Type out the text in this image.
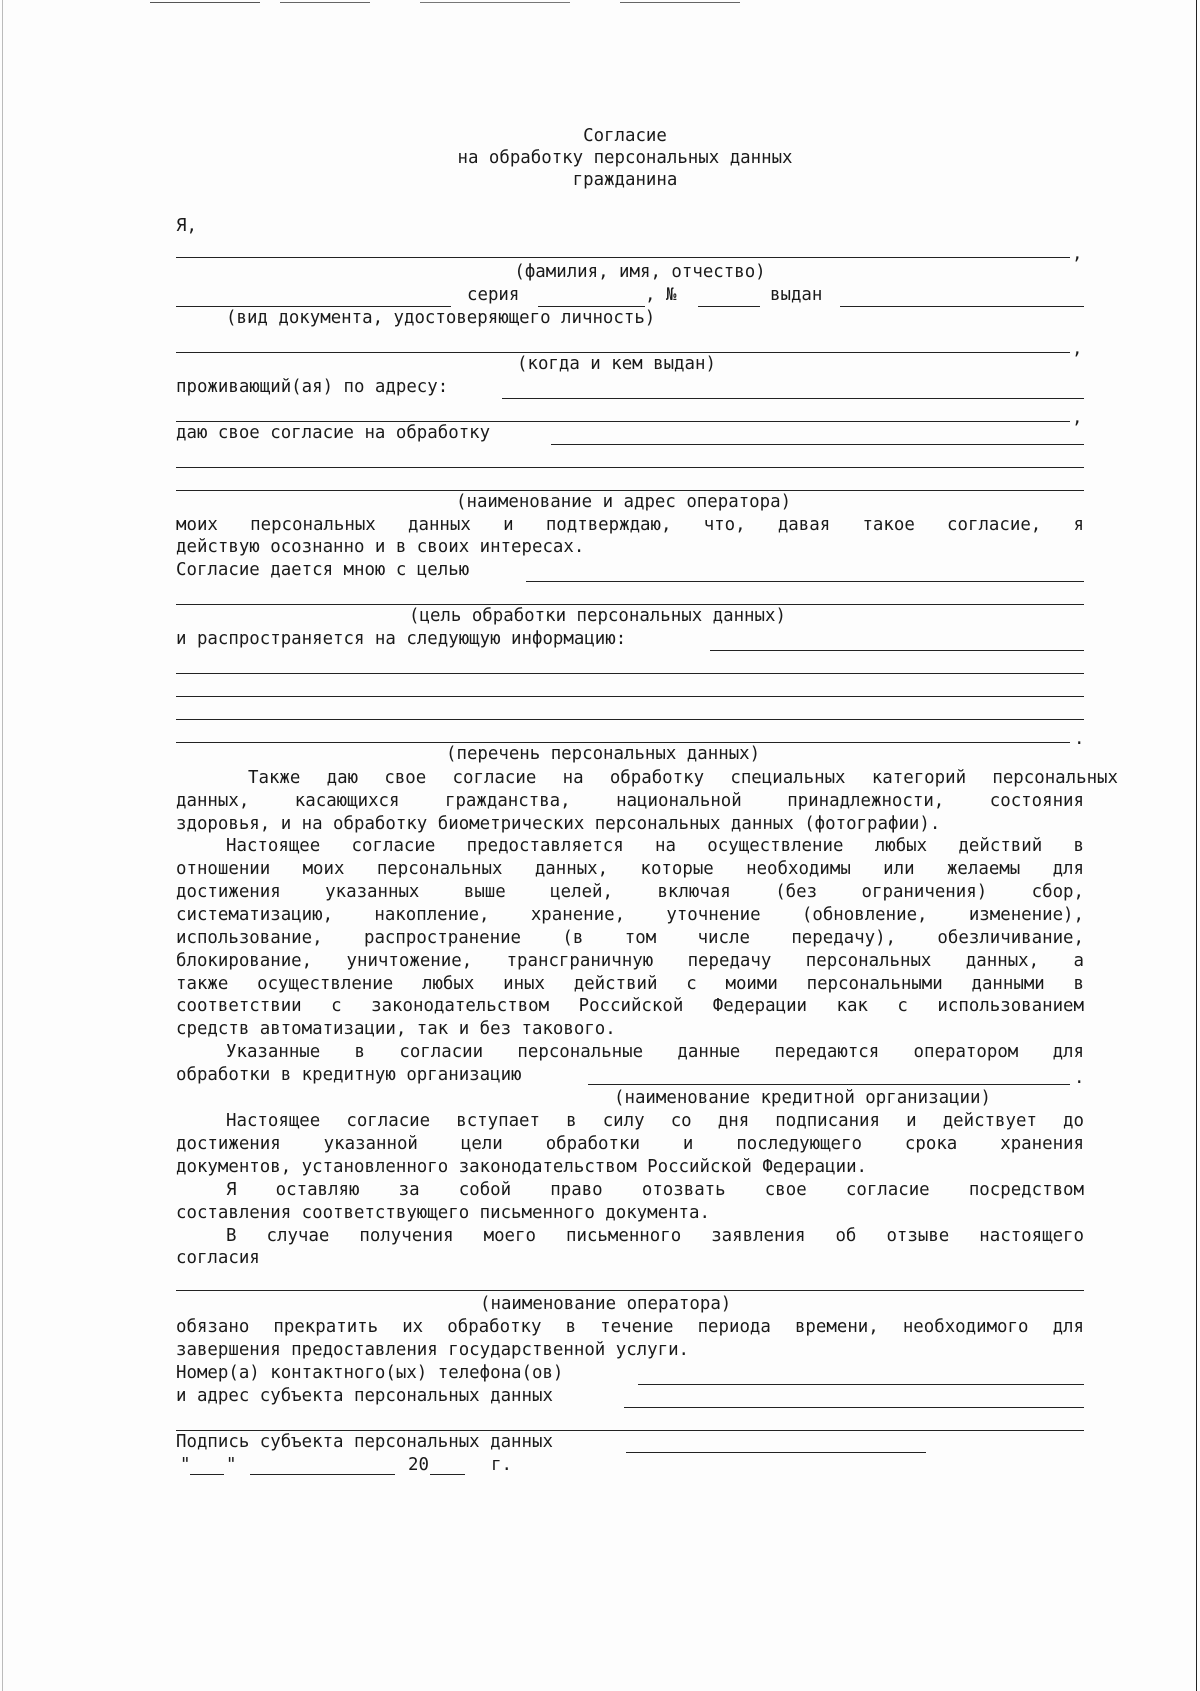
Согласие
на обработку персональных данных
гражданина
Я,
,
(фамилия, имя, отчество)
серия	, №	выдан
(вид документа, удостоверяющего личность)
,
(когда и кем выдан)
проживающий(ая) по адресу:
,
даю свое согласие на обработку
(наименование и адрес оператора)
моих персональных данных и подтверждаю, что, давая такое согласие, я
действую осознанно и в своих интересах.
Согласие дается мною с целью
(цель обработки персональных данных)
и распространяется на следующую информацию:
.
(перечень персональных данных)
Также даю свое согласие на обработку специальных категорий персональных
данных, касающихся гражданства, национальной принадлежности, состояния
здоровья, и на обработку биометрических персональных данных (фотографии).
Настоящее согласие предоставляется на осуществление любых действий в
отношении моих персональных данных, которые необходимы или желаемы для
достижения указанных выше целей, включая (без ограничения) сбор,
систематизацию, накопление, хранение, уточнение (обновление, изменение),
использование, распространение (в том числе передачу), обезличивание,
блокирование, уничтожение, трансграничную передачу персональных данных, а
также осуществление любых иных действий с моими персональными данными в
соответствии с законодательством Российской Федерации как с использованием
средств автоматизации, так и без такового.
Указанные в согласии персональные данные передаются оператором для
обработки в кредитную организацию	.
(наименование кредитной организации)
Настоящее согласие вступает в силу со дня подписания и действует до
достижения указанной цели обработки и последующего срока хранения
документов, установленного законодательством Российской Федерации.
Я оставляю за собой право отозвать свое согласие посредством
составления соответствующего письменного документа.
В случае получения моего письменного заявления об отзыве настоящего
согласия
(наименование оператора)
обязано прекратить их обработку в течение периода времени, необходимого для
завершения предоставления государственной услуги.
Номер(а) контактного(ых) телефона(ов)
и адрес субъекта персональных данных
Подпись субъекта персональных данных
" "	20	г.
